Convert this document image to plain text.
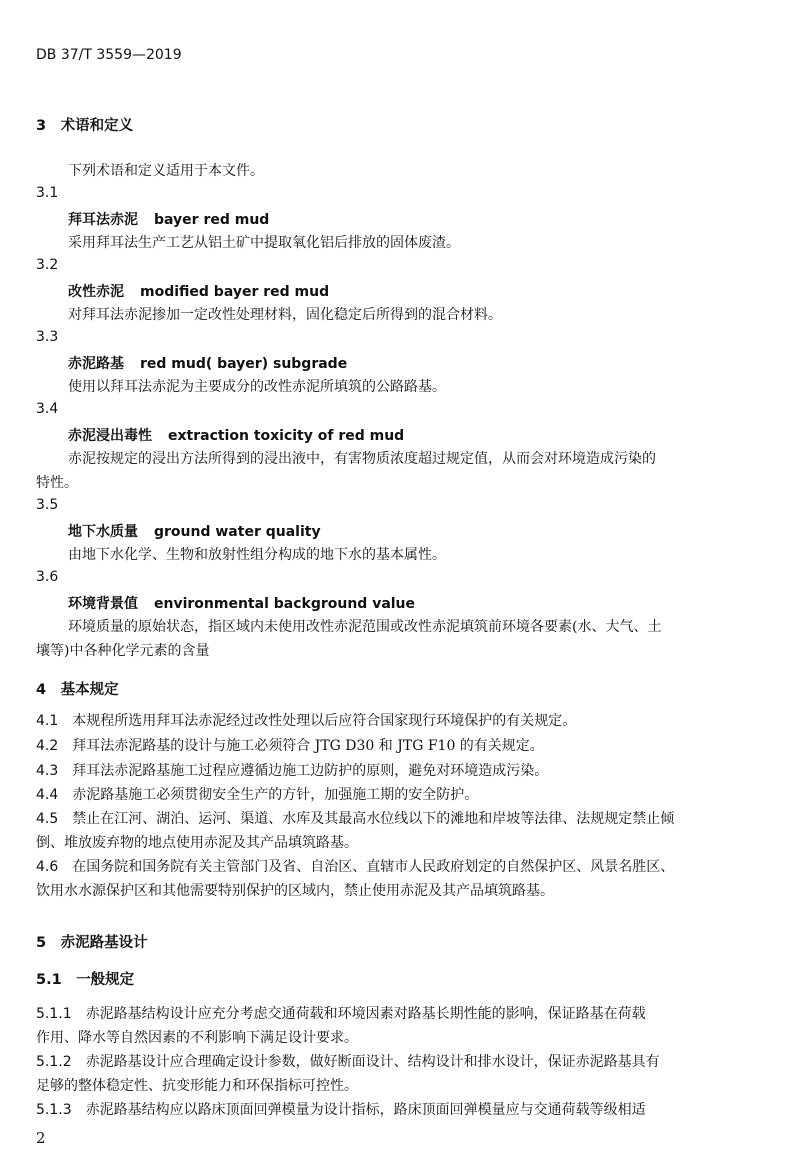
DB 37/T 3559—2019
3　术语和定义
下列术语和定义适用于本文件。
3.1
拜耳法赤泥 bayer red mud
采用拜耳法生产工艺从铝土矿中提取氧化铝后排放的固体废渣。
3.2
改性赤泥 modified bayer red mud
对拜耳法赤泥掺加一定改性处理材料，固化稳定后所得到的混合材料。
3.3
赤泥路基 red mud( bayer) subgrade
使用以拜耳法赤泥为主要成分的改性赤泥所填筑的公路路基。
3.4
赤泥浸出毒性 extraction toxicity of red mud
赤泥按规定的浸出方法所得到的浸出液中，有害物质浓度超过规定值，从而会对环境造成污染的
特性。
3.5
地下水质量 ground water quality
由地下水化学、生物和放射性组分构成的地下水的基本属性。
3.6
环境背景值 environmental background value
环境质量的原始状态，指区域内未使用改性赤泥范围或改性赤泥填筑前环境各要素(水、大气、土
壤等)中各种化学元素的含量
4　基本规定
4.1　 本规程所选用拜耳法赤泥经过改性处理以后应符合国家现行环境保护的有关规定。
4.2　 拜耳法赤泥路基的设计与施工必须符合 JTG D30 和 JTG F10 的有关规定。
4.3　 拜耳法赤泥路基施工过程应遵循边施工边防护的原则，避免对环境造成污染。
4.4　 赤泥路基施工必须贯彻安全生产的方针，加强施工期的安全防护。
4.5　 禁止在江河、湖泊、运河、渠道、水库及其最高水位线以下的滩地和岸坡等法律、法规规定禁止倾
倒、堆放废弃物的地点使用赤泥及其产品填筑路基。
4.6　 在国务院和国务院有关主管部门及省、自治区、直辖市人民政府划定的自然保护区、风景名胜区、
饮用水水源保护区和其他需要特别保护的区域内，禁止使用赤泥及其产品填筑路基。
5　赤泥路基设计
5.1　一般规定
5.1.1　 赤泥路基结构设计应充分考虑交通荷载和环境因素对路基长期性能的影响，保证路基在荷载
作用、降水等自然因素的不利影响下满足设计要求。
5.1.2　 赤泥路基设计应合理确定设计参数，做好断面设计、结构设计和排水设计，保证赤泥路基具有
足够的整体稳定性、抗变形能力和环保指标可控性。
5.1.3　 赤泥路基结构应以路床顶面回弹模量为设计指标，路床顶面回弹模量应与交通荷载等级相适
2
